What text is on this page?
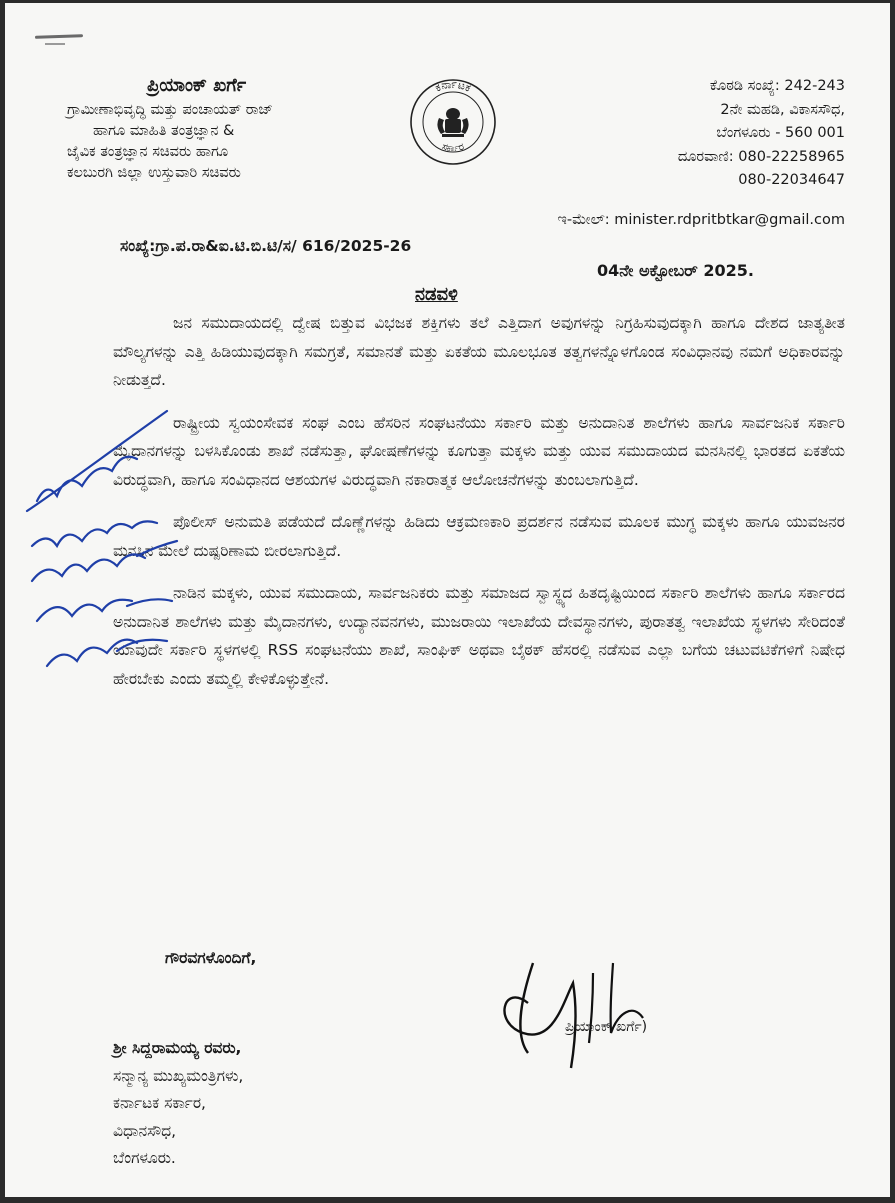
ಪ್ರಿಯಾಂಕ್ ಖರ್ಗೆ
ಗ್ರಾಮೀಣಾಭಿವೃದ್ಧಿ ಮತ್ತು ಪಂಚಾಯತ್ ರಾಜ್
ಹಾಗೂ ಮಾಹಿತಿ ತಂತ್ರಜ್ಞಾನ &
ಜೈವಿಕ ತಂತ್ರಜ್ಞಾನ ಸಚಿವರು ಹಾಗೂ
ಕಲಬುರಗಿ ಜಿಲ್ಲಾ ಉಸ್ತುವಾರಿ ಸಚಿವರು
ಸಂಖ್ಯೆ:ಗ್ರಾ.ಪ.ರಾ&ಐ.ಟಿ.ಬಿ.ಟಿ/ಸ/ 616/2025-26
ಕರ್ನಾಟಕ
ಸರ್ಕಾರ
ಕೊಠಡಿ ಸಂಖ್ಯೆ: 242-243
2ನೇ ಮಹಡಿ, ವಿಕಾಸಸೌಧ,
ಬೆಂಗಳೂರು - 560 001
ದೂರವಾಣಿ: 080-22258965
080-22034647
ಇ-ಮೇಲ್: minister.rdpritbtkar@gmail.com
04ನೇ ಅಕ್ಟೋಬರ್ 2025.
ನಡವಳಿ

ಜನ ಸಮುದಾಯದಲ್ಲಿ ದ್ವೇಷ ಬಿತ್ತುವ ವಿಭಜಕ ಶಕ್ತಿಗಳು ತಲೆ ಎತ್ತಿದಾಗ ಅವುಗಳನ್ನು ನಿಗ್ರಹಿಸುವುದಕ್ಕಾಗಿ ಹಾಗೂ ದೇಶದ ಜಾತ್ಯತೀತ ಮೌಲ್ಯಗಳನ್ನು ಎತ್ತಿ ಹಿಡಿಯುವುದಕ್ಕಾಗಿ ಸಮಗ್ರತೆ, ಸಮಾನತೆ ಮತ್ತು ಏಕತೆಯ ಮೂಲಭೂತ ತತ್ವಗಳನ್ನೊಳಗೊಂಡ ಸಂವಿಧಾನವು ನಮಗೆ ಅಧಿಕಾರವನ್ನು ನೀಡುತ್ತದೆ.

ರಾಷ್ಟ್ರೀಯ ಸ್ವಯಂಸೇವಕ ಸಂಘ ಎಂಬ ಹೆಸರಿನ ಸಂಘಟನೆಯು ಸರ್ಕಾರಿ ಮತ್ತು ಅನುದಾನಿತ ಶಾಲೆಗಳು ಹಾಗೂ ಸಾರ್ವಜನಿಕ ಸರ್ಕಾರಿ ಮೈದಾನಗಳನ್ನು ಬಳಸಿಕೊಂಡು ಶಾಖೆ ನಡೆಸುತ್ತಾ, ಘೋಷಣೆಗಳನ್ನು ಕೂಗುತ್ತಾ ಮಕ್ಕಳು ಮತ್ತು ಯುವ ಸಮುದಾಯದ ಮನಸಿನಲ್ಲಿ ಭಾರತದ ಏಕತೆಯ ವಿರುದ್ಧವಾಗಿ, ಹಾಗೂ ಸಂವಿಧಾನದ ಆಶಯಗಳ ವಿರುದ್ಧವಾಗಿ ನಕಾರಾತ್ಮಕ ಆಲೋಚನೆಗಳನ್ನು ತುಂಬಲಾಗುತ್ತಿದೆ.

ಪೊಲೀಸ್ ಅನುಮತಿ ಪಡೆಯದೆ ದೊಣ್ಣೆಗಳನ್ನು ಹಿಡಿದು ಆಕ್ರಮಣಕಾರಿ ಪ್ರದರ್ಶನ ನಡೆಸುವ ಮೂಲಕ ಮುಗ್ಧ ಮಕ್ಕಳು ಹಾಗೂ ಯುವಜನರ ಮನಸಿನ ಮೇಲೆ ದುಷ್ಪರಿಣಾಮ ಬೀರಲಾಗುತ್ತಿದೆ.

ನಾಡಿನ ಮಕ್ಕಳು, ಯುವ ಸಮುದಾಯ, ಸಾರ್ವಜನಿಕರು ಮತ್ತು ಸಮಾಜದ ಸ್ವಾಸ್ಥ್ಯದ ಹಿತದೃಷ್ಟಿಯಿಂದ ಸರ್ಕಾರಿ ಶಾಲೆಗಳು ಹಾಗೂ ಸರ್ಕಾರದ ಅನುದಾನಿತ ಶಾಲೆಗಳು ಮತ್ತು ಮೈದಾನಗಳು, ಉದ್ಯಾನವನಗಳು, ಮುಜರಾಯಿ ಇಲಾಖೆಯ ದೇವಸ್ಥಾನಗಳು, ಪುರಾತತ್ವ ಇಲಾಖೆಯ ಸ್ಥಳಗಳು ಸೇರಿದಂತೆ ಯಾವುದೇ ಸರ್ಕಾರಿ ಸ್ಥಳಗಳಲ್ಲಿ RSS ಸಂಘಟನೆಯು ಶಾಖೆ, ಸಾಂಘಿಕ್ ಅಥವಾ ಬೈಠಕ್ ಹೆಸರಲ್ಲಿ ನಡೆಸುವ ಎಲ್ಲಾ ಬಗೆಯ ಚಟುವಟಿಕೆಗಳಿಗೆ ನಿಷೇಧ ಹೇರಬೇಕು ಎಂದು ತಮ್ಮಲ್ಲಿ ಕೇಳಿಕೊಳ್ಳುತ್ತೇನೆ.

ಗೌರವಗಳೊಂದಿಗೆ,
ಪ್ರಿಯಾಂಕ್ ಖರ್ಗೆ)
ಶ್ರೀ ಸಿದ್ದರಾಮಯ್ಯ ರವರು,
ಸನ್ಮಾನ್ಯ ಮುಖ್ಯಮಂತ್ರಿಗಳು,
ಕರ್ನಾಟಕ ಸರ್ಕಾರ,
ವಿಧಾನಸೌಧ,
ಬೆಂಗಳೂರು.
